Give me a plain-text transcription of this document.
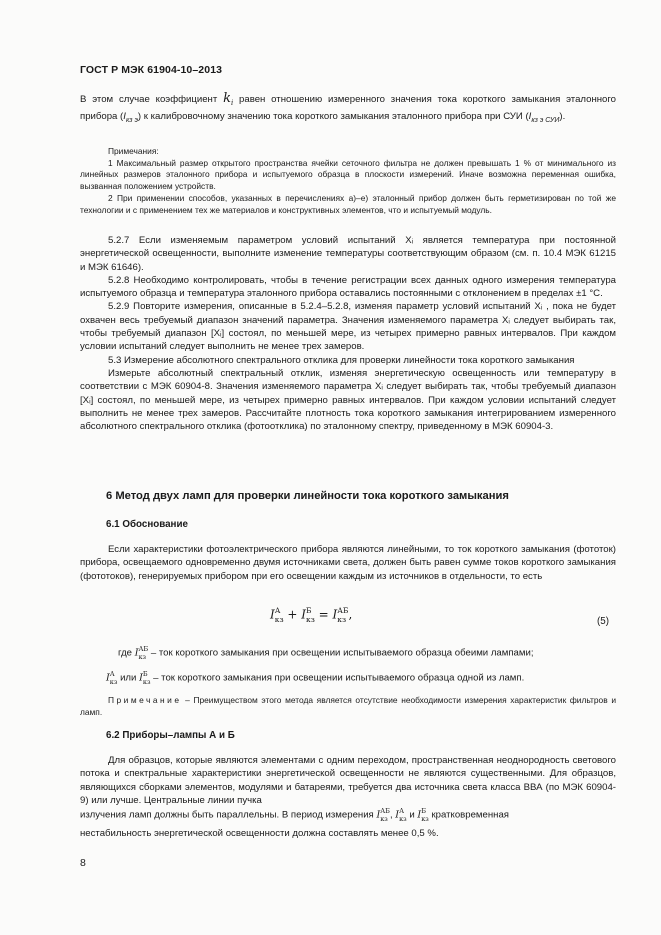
ГОСТ Р МЭК 61904-10–2013
В этом случае коэффициент $k_i$ равен отношению измеренного значения тока короткого замыкания эталонного прибора $(I_{кз э})$ к калибровочному значению тока короткого замыкания эталонного прибора при СУИ $(I_{кз э СУИ})$.
Примечания:
1 Максимальный размер открытого пространства ячейки сеточного фильтра не должен превышать 1 % от минимального из линейных размеров эталонного прибора и испытуемого образца в плоскости измерений. Иначе возможна переменная ошибка, вызванная положением устройств.
2 При применении способов, указанных в перечислениях а)–е) эталонный прибор должен быть герметизирован по той же технологии и с применением тех же материалов и конструктивных элементов, что и испытуемый модуль.
5.2.7 Если изменяемым параметром условий испытаний Xᵢ является температура при постоянной энергетической освещенности, выполните изменение температуры соответствующим образом (см. п. 10.4 МЭК 61215 и МЭК 61646).
5.2.8 Необходимо контролировать, чтобы в течение регистрации всех данных одного измерения температура испытуемого образца и температура эталонного прибора оставались постоянными с отклонением в пределах ±1 °С.
5.2.9 Повторите измерения, описанные в 5.2.4–5.2.8, изменяя параметр условий испытаний Xᵢ , пока не будет охвачен весь требуемый диапазон значений параметра. Значения изменяемого параметра Xᵢ следует выбирать так, чтобы требуемый диапазон [Xᵢ] состоял, по меньшей мере, из четырех примерно равных интервалов. При каждом условии испытаний следует выполнить не менее трех замеров.
5.3 Измерение абсолютного спектрального отклика для проверки линейности тока короткого замыкания
Измерьте абсолютный спектральный отклик, изменяя энергетическую освещенность или температуру в соответствии с МЭК 60904-8. Значения изменяемого параметра Xᵢ следует выбирать так, чтобы требуемый диапазон [Xᵢ] состоял, по меньшей мере, из четырех примерно равных интервалов. При каждом условии испытаний следует выполнить не менее трех замеров. Рассчитайте плотность тока короткого замыкания интегрированием измеренного абсолютного спектрального отклика (фотоотклика) по эталонному спектру, приведенному в МЭК 60904-3.
6 Метод двух ламп для проверки линейности тока короткого замыкания
6.1 Обоснование
Если характеристики фотоэлектрического прибора являются линейными, то ток короткого замыкания (фототок) прибора, освещаемого одновременно двумя источниками света, должен быть равен сумме токов короткого замыкания (фототоков), генерируемых прибором при его освещении каждым из источников в отдельности, то есть
I А
кз + I Б
кз = I АБ
кз ,	(5)
где I АБ
кз – ток короткого замыкания при освещении испытываемого образца обеими лампами;
I А
кз или I Б
кз – ток короткого замыкания при освещении испытываемого образца одной из ламп.
Примечание – Преимуществом этого метода является отсутствие необходимости измерения характеристик фильтров и ламп.
6.2 Приборы–лампы А и Б
Для образцов, которые являются элементами с одним переходом, пространственная неоднородность светового потока и спектральные характеристики энергетической освещенности не являются существенными. Для образцов, являющихся сборками элементов, модулями и батареями, требуется два источника света класса ВВА (по МЭК 60904-9) или лучше. Центральные линии пучка
излучения ламп должны быть параллельны. В период измерения I АБ
кз , I А
кз и I Б
кз кратковременная
нестабильность энергетической освещенности должна составлять менее 0,5 %.
8
